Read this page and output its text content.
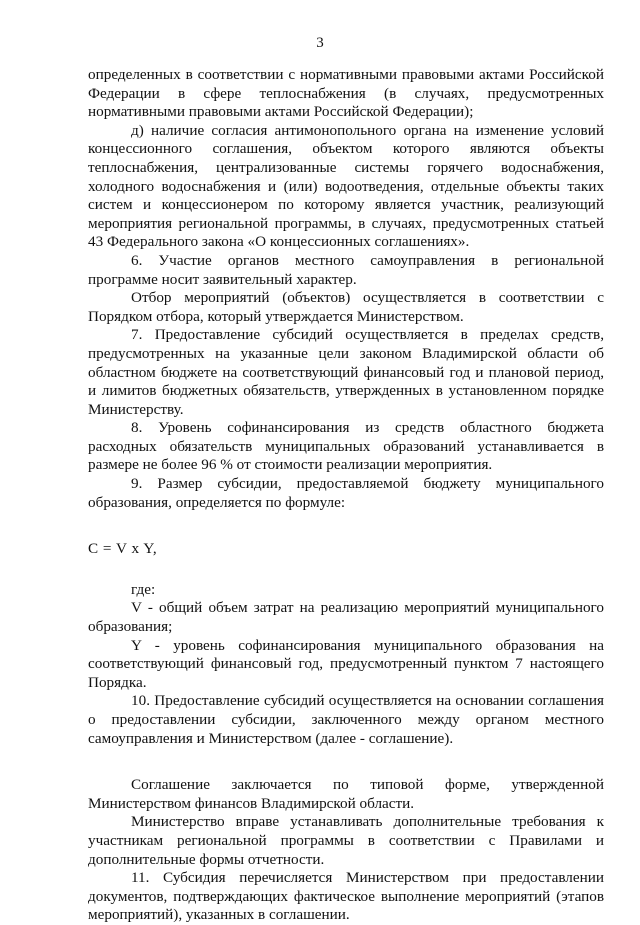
3

определенных в соответствии с нормативными правовыми актами Российской Федерации в сфере теплоснабжения (в случаях, предусмотренных нормативными правовыми актами Российской Федерации);

д) наличие согласия антимонопольного органа на изменение условий концессионного соглашения, объектом которого являются объекты теплоснабжения, централизованные системы горячего водоснабжения, холодного водоснабжения и (или) водоотведения, отдельные объекты таких систем и концессионером по которому является участник, реализующий мероприятия региональной программы, в случаях, предусмотренных статьей 43 Федерального закона «О концессионных соглашениях».

6. Участие органов местного самоуправления в региональной программе носит заявительный характер.

Отбор мероприятий (объектов) осуществляется в соответствии с Порядком отбора, который утверждается Министерством.

7. Предоставление субсидий осуществляется в пределах средств, предусмотренных на указанные цели законом Владимирской области об областном бюджете на соответствующий финансовый год и плановой период, и лимитов бюджетных обязательств, утвержденных в установленном порядке Министерству.

8. Уровень софинансирования из средств областного бюджета расходных обязательств муниципальных образований устанавливается в размере не более 96 % от стоимости реализации мероприятия.

9. Размер субсидии, предоставляемой бюджету муниципального образования, определяется по формуле:

C = V x Y,

где:

V - общий объем затрат на реализацию мероприятий муниципального образования;

Y - уровень софинансирования муниципального образования на соответствующий финансовый год, предусмотренный пунктом 7 настоящего Порядка.

10. Предоставление субсидий осуществляется на основании соглашения о предоставлении субсидии, заключенного между органом местного самоуправления и Министерством (далее - соглашение).

Соглашение заключается по типовой форме, утвержденной Министерством финансов Владимирской области.

Министерство вправе устанавливать дополнительные требования к участникам региональной программы в соответствии с Правилами и дополнительные формы отчетности.

11. Субсидия перечисляется Министерством при предоставлении документов, подтверждающих фактическое выполнение мероприятий (этапов мероприятий), указанных в соглашении.
